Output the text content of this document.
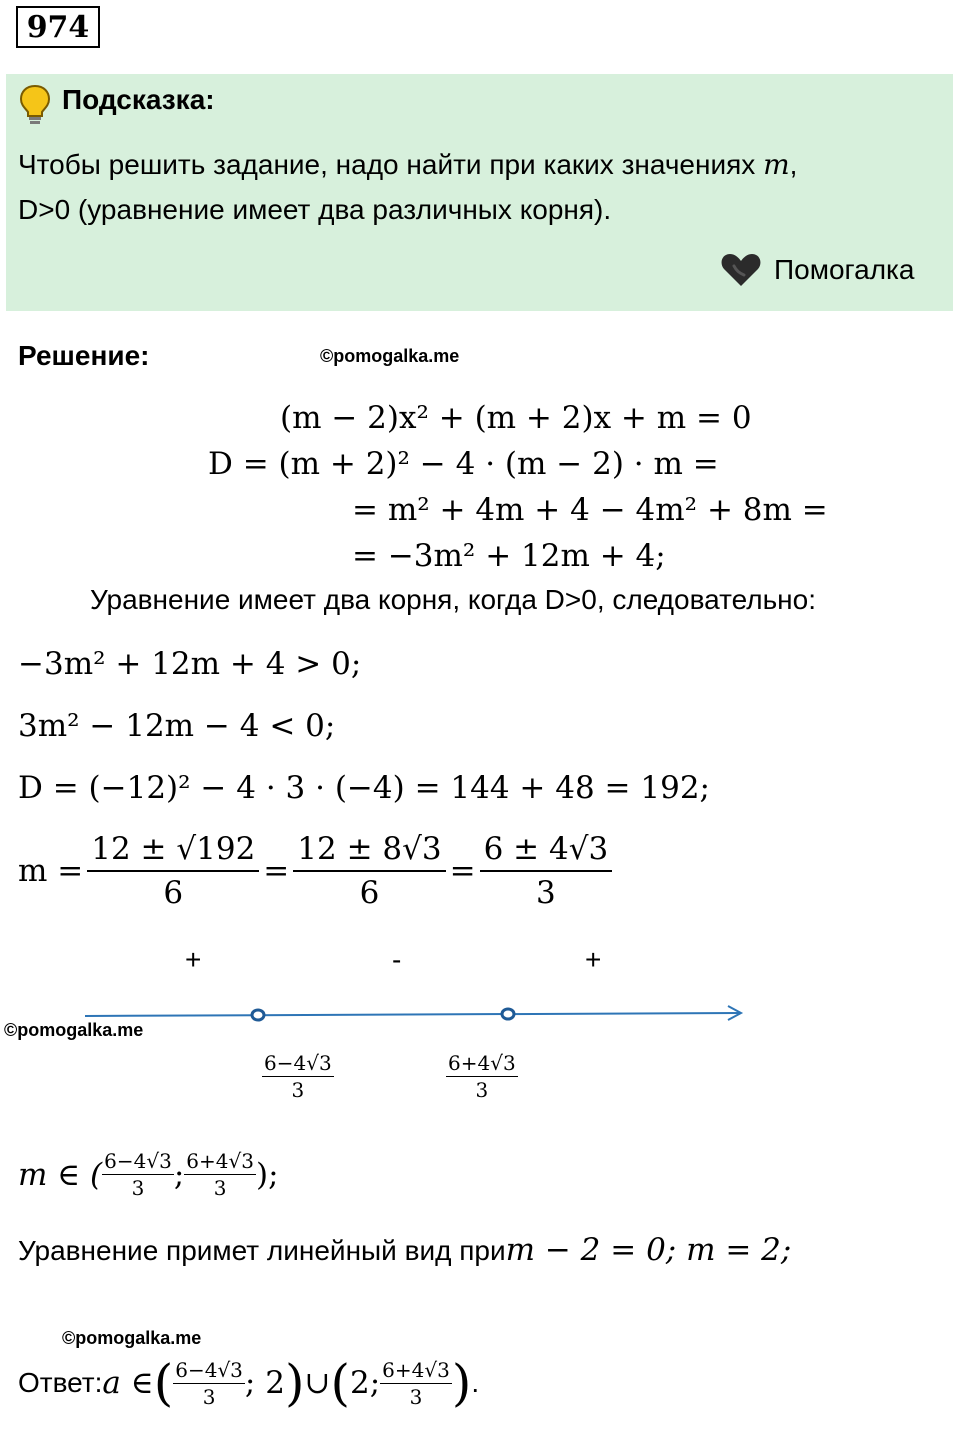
974
Подсказка:
Чтобы решить задание, надо найти при каких значениях m,
D>0 (уравнение имеет два различных корня).
Помогалка
Решение:	©pomogalka.me
(m − 2)x² + (m + 2)x + m = 0
D = (m + 2)² − 4 · (m − 2) · m =
= m² + 4m + 4 − 4m² + 8m =
= −3m² + 12m + 4;
Уравнение имеет два корня, когда D>0, следовательно:
−3m² + 12m + 4 > 0;
3m² − 12m − 4 < 0;
D = (−12)² − 4 · 3 · (−4) = 144 + 48 = 192;
$m = \frac{12 \pm √192}{6} = \frac{12 \pm 8√3}{6} = \frac{6 \pm 4√3}{3}$
+	-	+
©pomogalka.me
$\frac{6-4√3}{3}$	$\frac{6+4√3}{3}$
m ∈ ( $\frac{6-4√3}{3}$ ; $\frac{6+4√3}{3}$ );
Уравнение примет линейный вид при m − 2 = 0; m = 2;
©pomogalka.me
Ответ: a ∈ ( $\frac{6-4√3}{3}$ ; 2 ) ∪ ( 2; $\frac{6+4√3}{3}$ ) .
